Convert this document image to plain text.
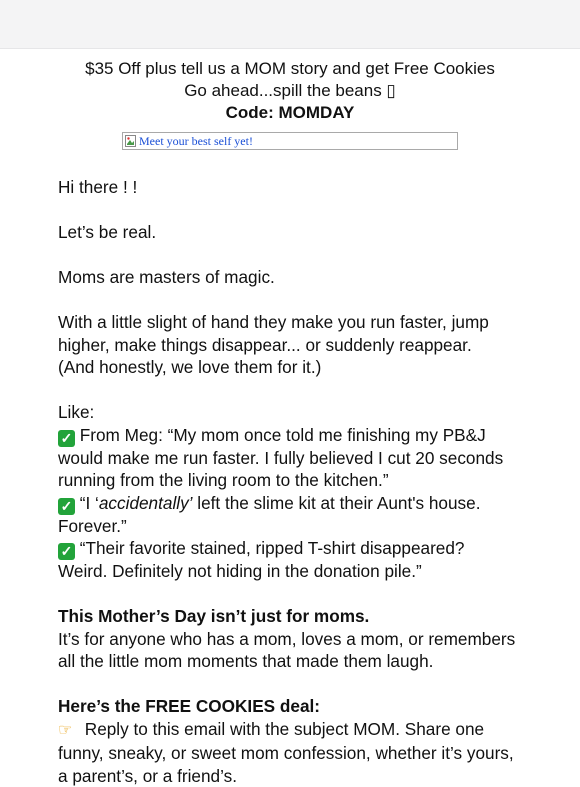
$35 Off plus tell us a MOM story and get Free Cookies
Go ahead...spill the beans ▯
Code: MOMDAY
Meet your best self yet!

Hi there ! !

Let’s be real.

Moms are masters of magic.

With a little slight of hand they make you run faster, jump

higher, make things disappear... or suddenly reappear.

(And honestly, we love them for it.)

Like:

✓ From Meg: “My mom once told me finishing my PB&J

would make me run faster. I fully believed I cut 20 seconds

running from the living room to the kitchen.”

✓ “I ‘accidentally’ left the slime kit at their Aunt's house.

Forever.”

✓ “Their favorite stained, ripped T-shirt disappeared?

Weird. Definitely not hiding in the donation pile.”

This Mother’s Day isn’t just for moms.

It’s for anyone who has a mom, loves a mom, or remembers

all the little mom moments that made them laugh.

Here’s the FREE COOKIES deal:

☞ Reply to this email with the subject MOM. Share one

funny, sneaky, or sweet mom confession, whether it’s yours,

a parent’s, or a friend’s.
